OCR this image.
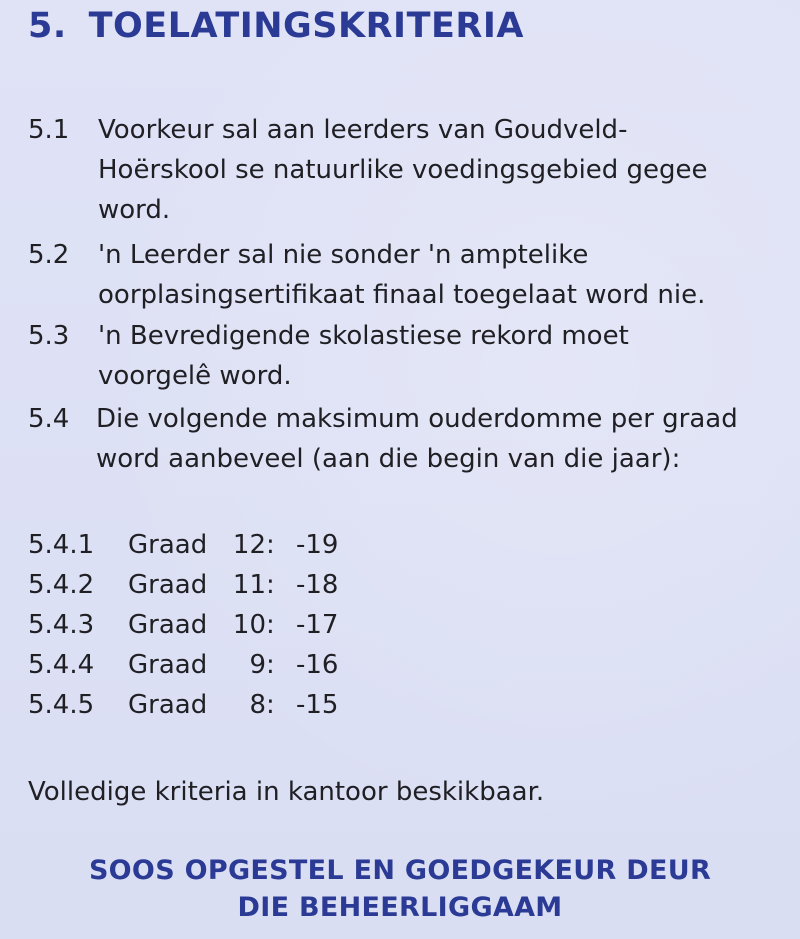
5. TOELATINGSKRITERIA
5.1 Voorkeur sal aan leerders van Goudveld-
Hoërskool se natuurlike voedingsgebied gegee
word.
5.2 'n Leerder sal nie sonder 'n amptelike
oorplasingsertifikaat finaal toegelaat word nie.
5.3 'n Bevredigende skolastiese rekord moet
voorgelê word.
5.4 Die volgende maksimum ouderdomme per graad
word aanbeveel (aan die begin van die jaar):
5.4.1 Graad 12 : -19
5.4.2 Graad 11 : -18
5.4.3 Graad 10 : -17
5.4.4 Graad	9 : -16
5.4.5 Graad	8 : -15
Volledige kriteria in kantoor beskikbaar.
SOOS OPGESTEL EN GOEDGEKEUR DEUR
DIE BEHEERLIGGAAM
